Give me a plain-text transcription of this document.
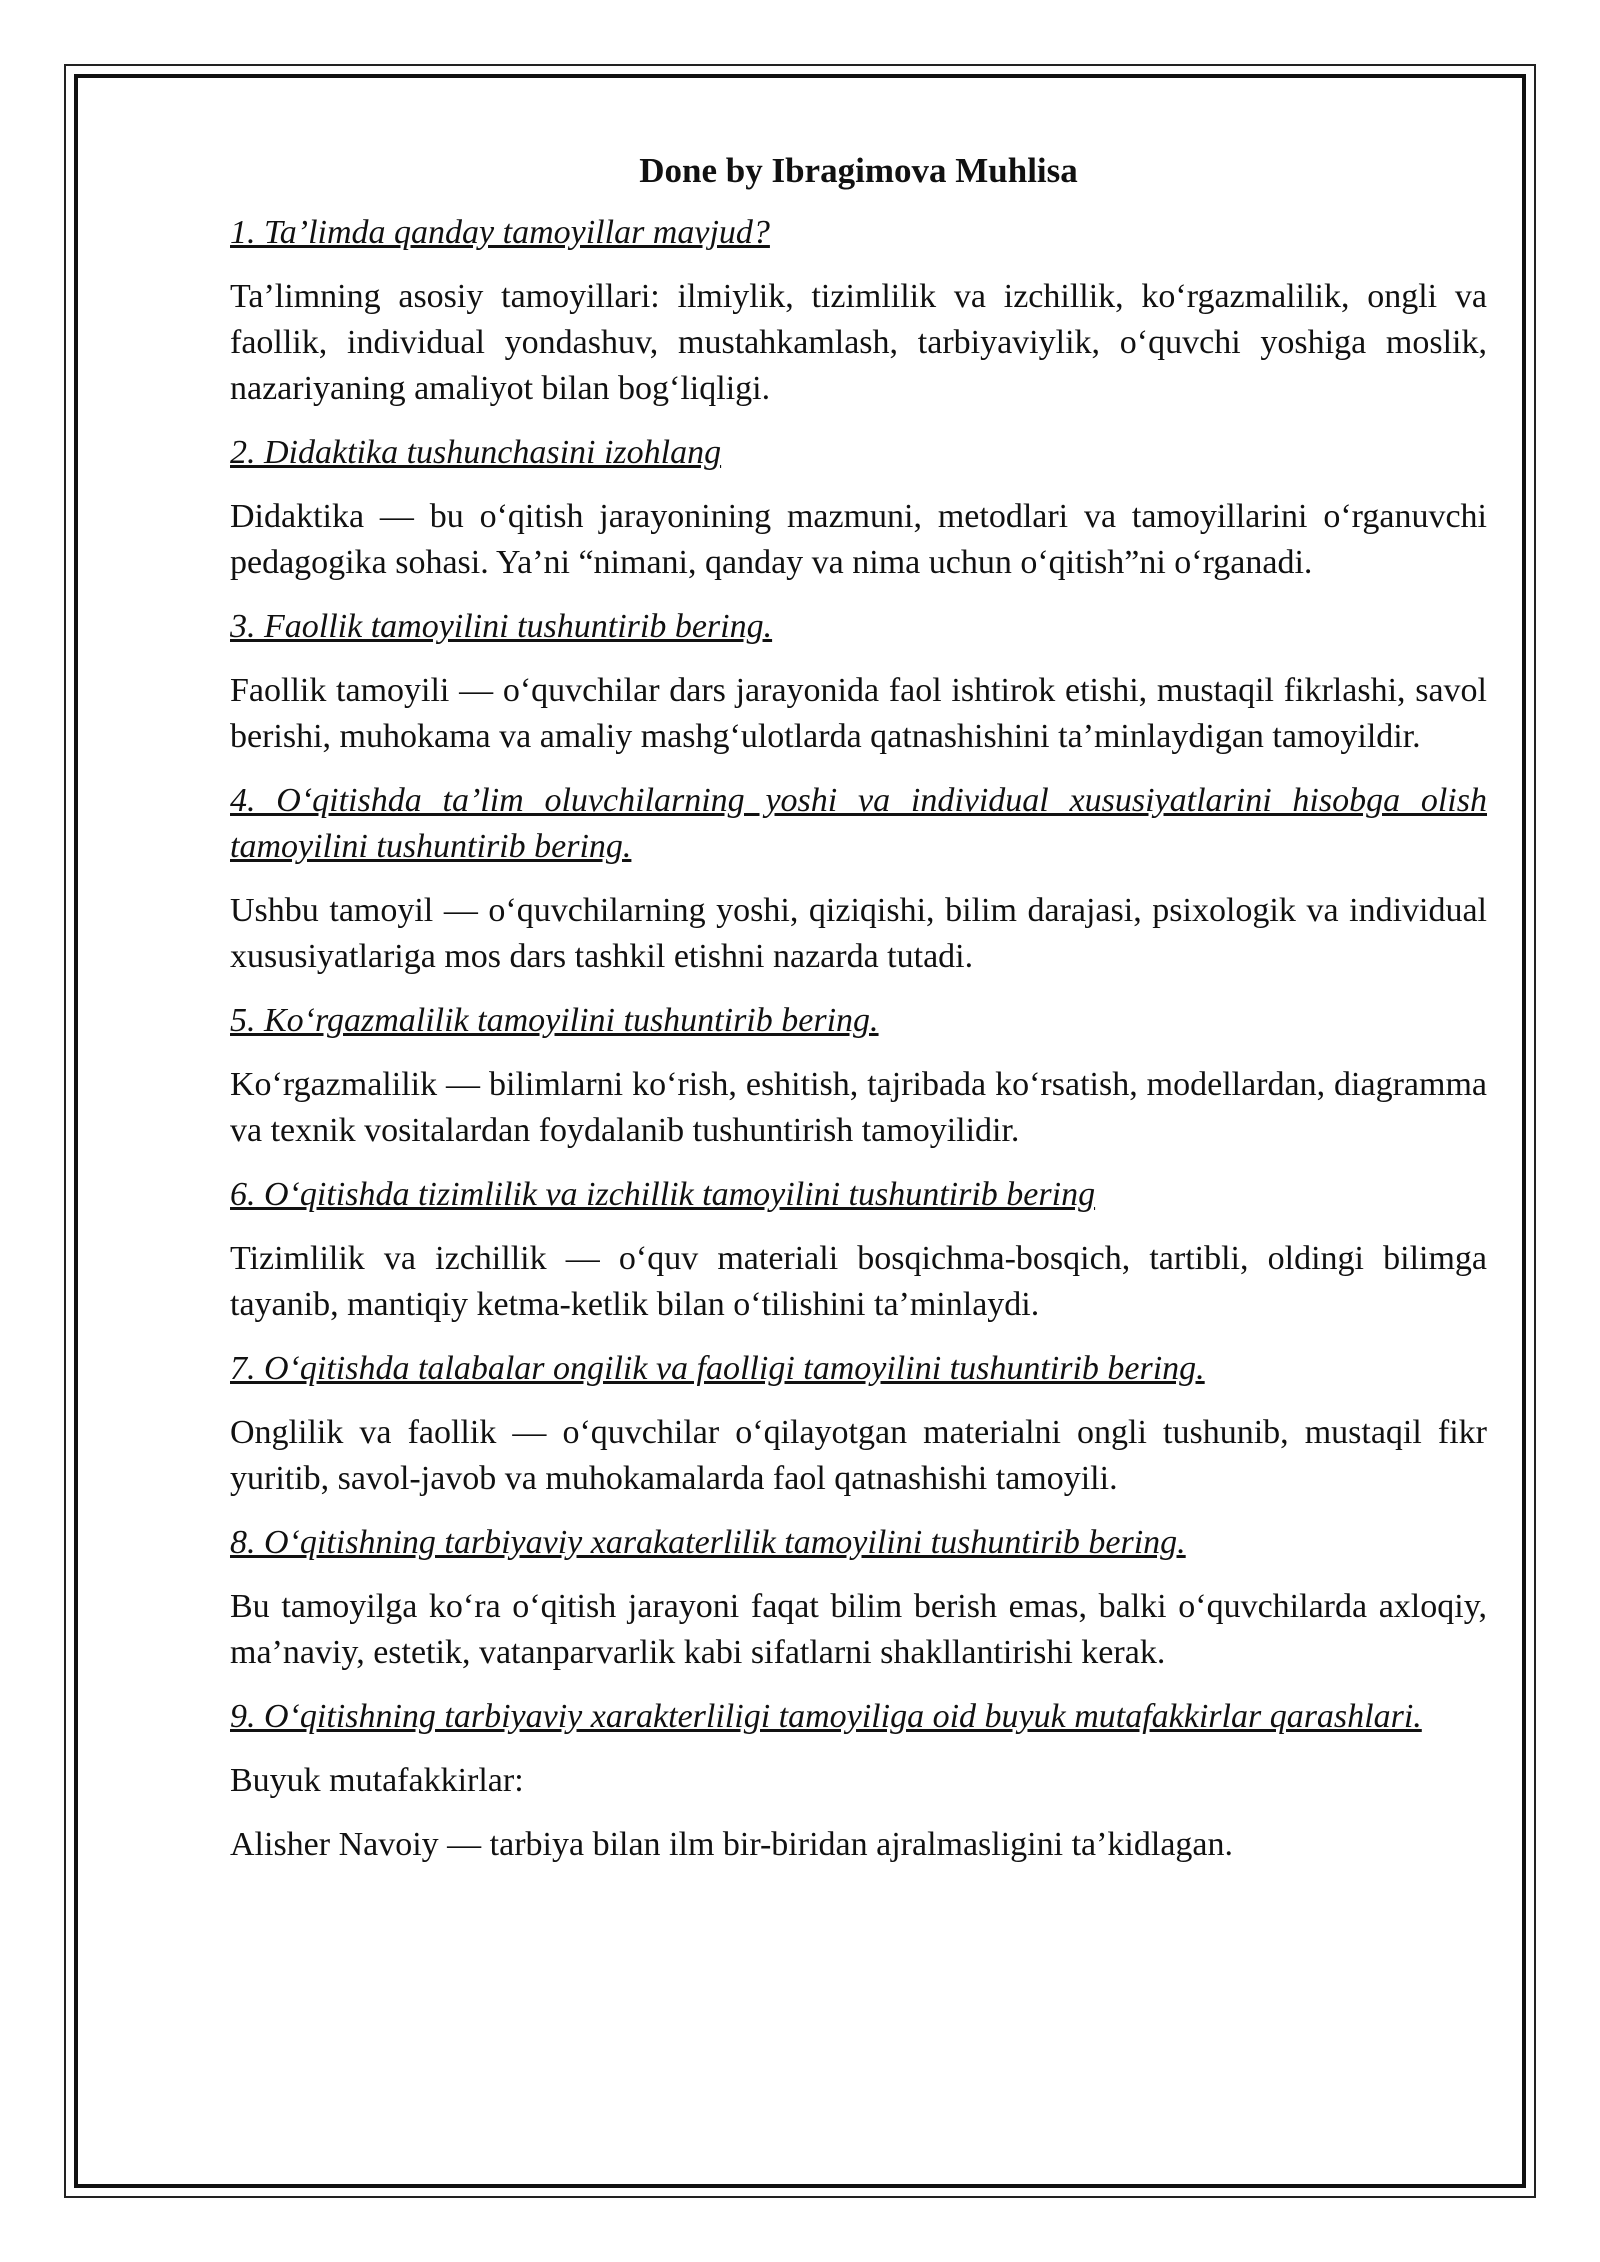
Done by Ibragimova Muhlisa
1. Ta’limda qanday tamoyillar mavjud?
Ta’limning asosiy tamoyillari: ilmiylik, tizimlilik va izchillik, koʻrgazmalilik, ongli va faollik, individual yondashuv, mustahkamlash, tarbiyaviylik, oʻquvchi yoshiga moslik, nazariyaning amaliyot bilan bogʻliqligi.
2. Didaktika tushunchasini izohlang
Didaktika — bu oʻqitish jarayonining mazmuni, metodlari va tamoyillarini oʻrganuvchi pedagogika sohasi. Ya’ni “nimani, qanday va nima uchun oʻqitish”ni oʻrganadi.
3. Faollik tamoyilini tushuntirib bering.
Faollik tamoyili — oʻquvchilar dars jarayonida faol ishtirok etishi, mustaqil fikrlashi, savol berishi, muhokama va amaliy mashgʻulotlarda qatnashishini ta’minlaydigan tamoyildir.
4. Oʻqitishda ta’lim oluvchilarning yoshi va individual xususiyatlarini hisobga olish tamoyilini tushuntirib bering.
Ushbu tamoyil — oʻquvchilarning yoshi, qiziqishi, bilim darajasi, psixologik va individual xususiyatlariga mos dars tashkil etishni nazarda tutadi.
5. Koʻrgazmalilik tamoyilini tushuntirib bering.
Koʻrgazmalilik — bilimlarni koʻrish, eshitish, tajribada koʻrsatish, modellardan, diagramma va texnik vositalardan foydalanib tushuntirish tamoyilidir.
6. Oʻqitishda tizimlilik va izchillik tamoyilini tushuntirib bering
Tizimlilik va izchillik — oʻquv materiali bosqichma-bosqich, tartibli, oldingi bilimga tayanib, mantiqiy ketma-ketlik bilan oʻtilishini ta’minlaydi.
7. Oʻqitishda talabalar ongilik va faolligi tamoyilini tushuntirib bering.
Onglilik va faollik — oʻquvchilar oʻqilayotgan materialni ongli tushunib, mustaqil fikr yuritib, savol-javob va muhokamalarda faol qatnashishi tamoyili.
8. Oʻqitishning tarbiyaviy xarakaterlilik tamoyilini tushuntirib bering.
Bu tamoyilga koʻra oʻqitish jarayoni faqat bilim berish emas, balki oʻquvchilarda axloqiy, ma’naviy, estetik, vatanparvarlik kabi sifatlarni shakllantirishi kerak.
9. Oʻqitishning tarbiyaviy xarakterliligi tamoyiliga oid buyuk mutafakkirlar qarashlari.
Buyuk mutafakkirlar:
Alisher Navoiy — tarbiya bilan ilm bir-biridan ajralmasligini ta’kidlagan.
